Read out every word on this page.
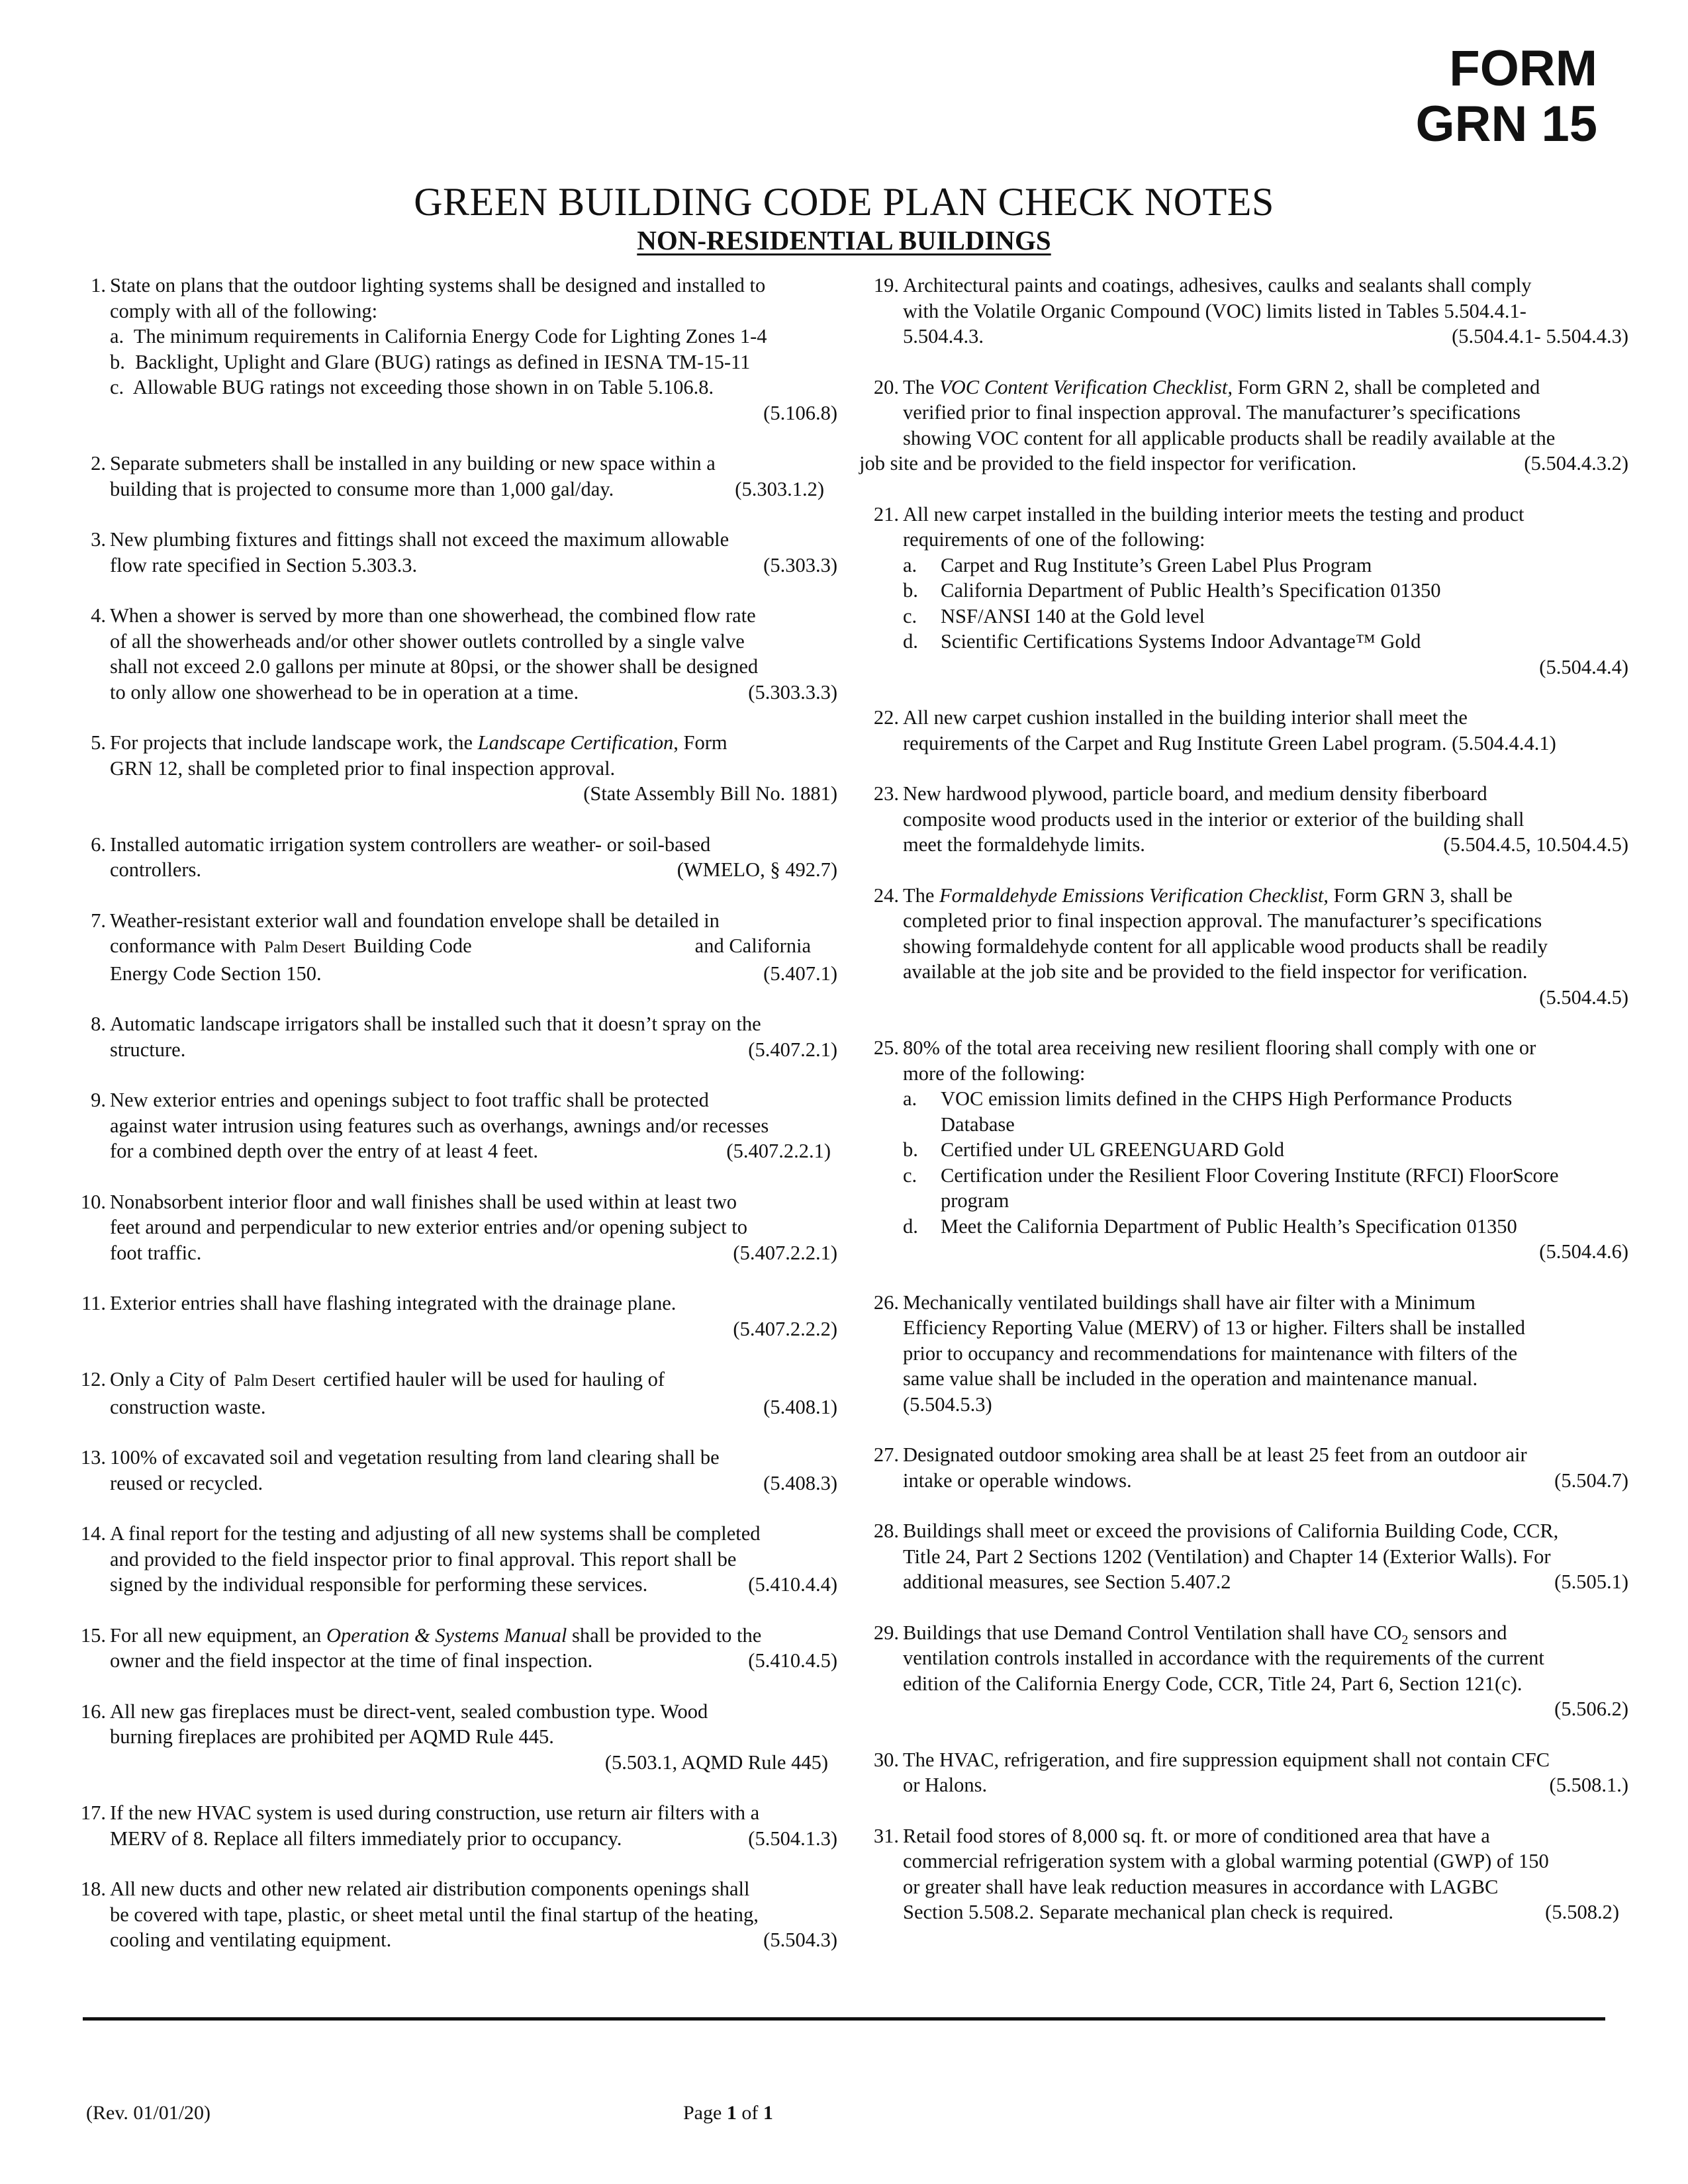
FORM
GRN 15
GREEN BUILDING CODE PLAN CHECK NOTES
NON-RESIDENTIAL BUILDINGS
1. State on plans that the outdoor lighting systems shall be designed and installed to
comply with all of the following:
a.  The minimum requirements in California Energy Code for Lighting Zones 1-4
b.  Backlight, Uplight and Glare (BUG) ratings as defined in IESNA TM-15-11
c.  Allowable BUG ratings not exceeding those shown in on Table 5.106.8.
(5.106.8)
2. Separate submeters shall be installed in any building or new space within a
building that is projected to consume more than 1,000 gal/day.	(5.303.1.2)
3. New plumbing fixtures and fittings shall not exceed the maximum allowable
flow rate specified in Section 5.303.3.	(5.303.3)
4. When a shower is served by more than one showerhead, the combined flow rate
of all the showerheads and/or other shower outlets controlled by a single valve
shall not exceed 2.0 gallons per minute at 80psi, or the shower shall be designed
to only allow one showerhead to be in operation at a time.	(5.303.3.3)
5. For projects that include landscape work, the Landscape Certification, Form
GRN 12, shall be completed prior to final inspection approval.
(State Assembly Bill No. 1881)
6. Installed automatic irrigation system controllers are weather- or soil-based
controllers.	(WMELO, § 492.7)
7. Weather-resistant exterior wall and foundation envelope shall be detailed in
conformance with Palm Desert Building Code	and California
Energy Code Section 150.	(5.407.1)
8. Automatic landscape irrigators shall be installed such that it doesn’t spray on the
structure.	(5.407.2.1)
9. New exterior entries and openings subject to foot traffic shall be protected
against water intrusion using features such as overhangs, awnings and/or recesses
for a combined depth over the entry of at least 4 feet.	(5.407.2.2.1)
10. Nonabsorbent interior floor and wall finishes shall be used within at least two
feet around and perpendicular to new exterior entries and/or opening subject to
foot traffic.	(5.407.2.2.1)
11. Exterior entries shall have flashing integrated with the drainage plane.
(5.407.2.2.2)
12. Only a City of Palm Desert certified hauler will be used for hauling of
construction waste.	(5.408.1)
13. 100% of excavated soil and vegetation resulting from land clearing shall be
reused or recycled.	(5.408.3)
14. A final report for the testing and adjusting of all new systems shall be completed
and provided to the field inspector prior to final approval. This report shall be
signed by the individual responsible for performing these services.	(5.410.4.4)
15. For all new equipment, an Operation & Systems Manual shall be provided to the
owner and the field inspector at the time of final inspection.	(5.410.4.5)
16. All new gas fireplaces must be direct-vent, sealed combustion type. Wood
burning fireplaces are prohibited per AQMD Rule 445.
(5.503.1, AQMD Rule 445)
17. If the new HVAC system is used during construction, use return air filters with a
MERV of 8. Replace all filters immediately prior to occupancy.	(5.504.1.3)
18. All new ducts and other new related air distribution components openings shall
be covered with tape, plastic, or sheet metal until the final startup of the heating,
cooling and ventilating equipment.	(5.504.3)
19. Architectural paints and coatings, adhesives, caulks and sealants shall comply
with the Volatile Organic Compound (VOC) limits listed in Tables 5.504.4.1-
5.504.4.3.	(5.504.4.1- 5.504.4.3)
20. The VOC Content Verification Checklist, Form GRN 2, shall be completed and
verified prior to final inspection approval. The manufacturer’s specifications
showing VOC content for all applicable products shall be readily available at the
job site and be provided to the field inspector for verification.	(5.504.4.3.2)
21. All new carpet installed in the building interior meets the testing and product
requirements of one of the following:
a. Carpet and Rug Institute’s Green Label Plus Program
b. California Department of Public Health’s Specification 01350
c. NSF/ANSI 140 at the Gold level
d. Scientific Certifications Systems Indoor Advantage™ Gold
(5.504.4.4)
22. All new carpet cushion installed in the building interior shall meet the
requirements of the Carpet and Rug Institute Green Label program. (5.504.4.4.1)
23. New hardwood plywood, particle board, and medium density fiberboard
composite wood products used in the interior or exterior of the building shall
meet the formaldehyde limits.	(5.504.4.5, 10.504.4.5)
24. The Formaldehyde Emissions Verification Checklist, Form GRN 3, shall be
completed prior to final inspection approval. The manufacturer’s specifications
showing formaldehyde content for all applicable wood products shall be readily
available at the job site and be provided to the field inspector for verification.
(5.504.4.5)
25. 80% of the total area receiving new resilient flooring shall comply with one or
more of the following:
a. VOC emission limits defined in the CHPS High Performance Products
Database
b. Certified under UL GREENGUARD Gold
c. Certification under the Resilient Floor Covering Institute (RFCI) FloorScore
program
d. Meet the California Department of Public Health’s Specification 01350
(5.504.4.6)
26. Mechanically ventilated buildings shall have air filter with a Minimum
Efficiency Reporting Value (MERV) of 13 or higher. Filters shall be installed
prior to occupancy and recommendations for maintenance with filters of the
same value shall be included in the operation and maintenance manual.
(5.504.5.3)
27. Designated outdoor smoking area shall be at least 25 feet from an outdoor air
intake or operable windows.	(5.504.7)
28. Buildings shall meet or exceed the provisions of California Building Code, CCR,
Title 24, Part 2 Sections 1202 (Ventilation) and Chapter 14 (Exterior Walls). For
additional measures, see Section 5.407.2	(5.505.1)
29. Buildings that use Demand Control Ventilation shall have $CO_2$ sensors and
ventilation controls installed in accordance with the requirements of the current
edition of the California Energy Code, CCR, Title 24, Part 6, Section 121(c).
(5.506.2)
30. The HVAC, refrigeration, and fire suppression equipment shall not contain CFC
or Halons.	(5.508.1.)
31. Retail food stores of 8,000 sq. ft. or more of conditioned area that have a
commercial refrigeration system with a global warming potential (GWP) of 150
or greater shall have leak reduction measures in accordance with LAGBC
Section 5.508.2. Separate mechanical plan check is required.	(5.508.2)
(Rev. 01/01/20)	Page 1 of 1
